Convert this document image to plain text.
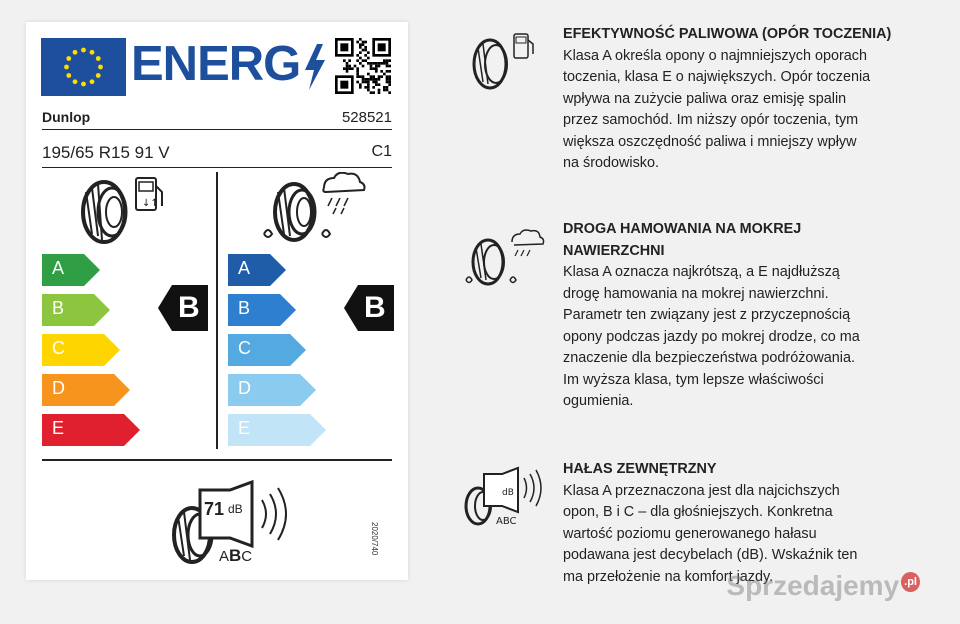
ENERG
Dunlop	528521
195/65 R15 91 V	C1
↓↑
A
B
C
D
E
B
A
B
C
D
E
B
71 dB
ABC
2020/740
EFEKTYWNOŚĆ PALIWOWA (OPÓR TOCZENIA)
Klasa A określa opony o najmniejszych oporach
toczenia, klasa E o największych. Opór toczenia
wpływa na zużycie paliwa oraz emisję spalin
przez samochód. Im niższy opór toczenia, tym
większa oszczędność paliwa i mniejszy wpływ
na środowisko.
DROGA HAMOWANIA NA MOKREJ
NAWIERZCHNI
Klasa A oznacza najkrótszą, a E najdłuższą
drogę hamowania na mokrej nawierzchni.
Parametr ten związany jest z przyczepnością
opony podczas jazdy po mokrej drodze, co ma
znaczenie dla bezpieczeństwa podróżowania.
Im wyższa klasa, tym lepsze właściwości
ogumienia.
dB
ABC
HAŁAS ZEWNĘTRZNY
Klasa A przeznaczona jest dla najcichszych
opon, B i C – dla głośniejszych. Konkretna
wartość poziomu generowanego hałasu
podawana jest decybelach (dB). Wskaźnik ten
ma przełożenie na komfort jazdy.
Sprzedajemy $^{.pl}$
